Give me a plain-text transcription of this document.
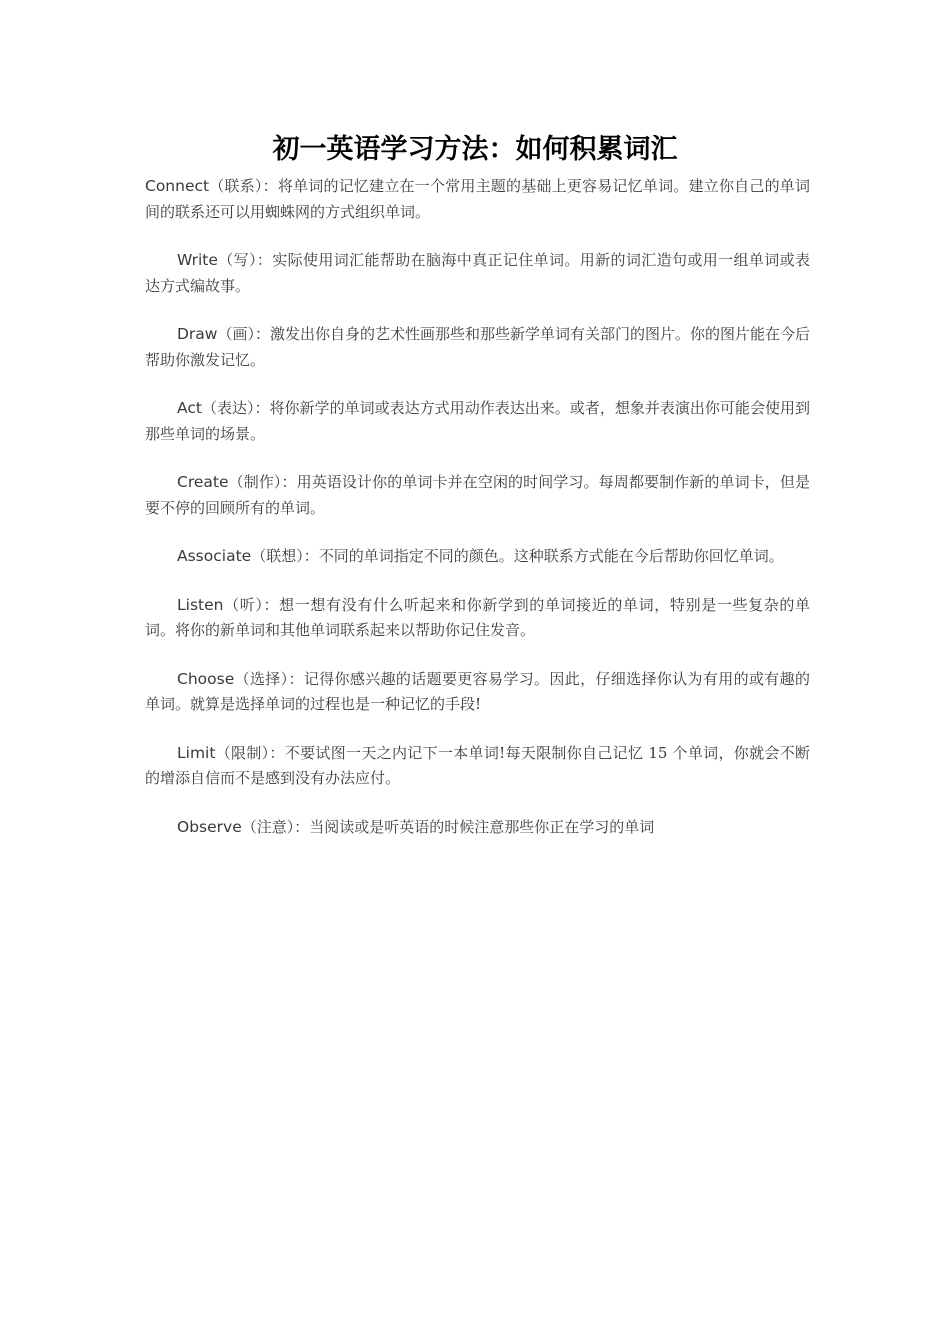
初一英语学习方法：如何积累词汇

Connect（联系）：将单词的记忆建立在一个常用主题的基础上更容易记忆单词。建立你自己的单词间的联系还可以用蜘蛛网的方式组织单词。

Write（写）：实际使用词汇能帮助在脑海中真正记住单词。用新的词汇造句或用一组单词或表达方式编故事。

Draw（画）：激发出你自身的艺术性画那些和那些新学单词有关部门的图片。你的图片能在今后帮助你激发记忆。

Act（表达）：将你新学的单词或表达方式用动作表达出来。或者，想象并表演出你可能会使用到那些单词的场景。

Create（制作）：用英语设计你的单词卡并在空闲的时间学习。每周都要制作新的单词卡，但是要不停的回顾所有的单词。

Associate（联想）：不同的单词指定不同的颜色。这种联系方式能在今后帮助你回忆单词。

Listen（听）：想一想有没有什么听起来和你新学到的单词接近的单词，特别是一些复杂的单词。将你的新单词和其他单词联系起来以帮助你记住发音。

Choose（选择）：记得你感兴趣的话题要更容易学习。因此，仔细选择你认为有用的或有趣的单词。就算是选择单词的过程也是一种记忆的手段!

Limit（限制）：不要试图一天之内记下一本单词!每天限制你自己记忆 15 个单词，你就会不断的增添自信而不是感到没有办法应付。

Observe（注意）：当阅读或是听英语的时候注意那些你正在学习的单词
